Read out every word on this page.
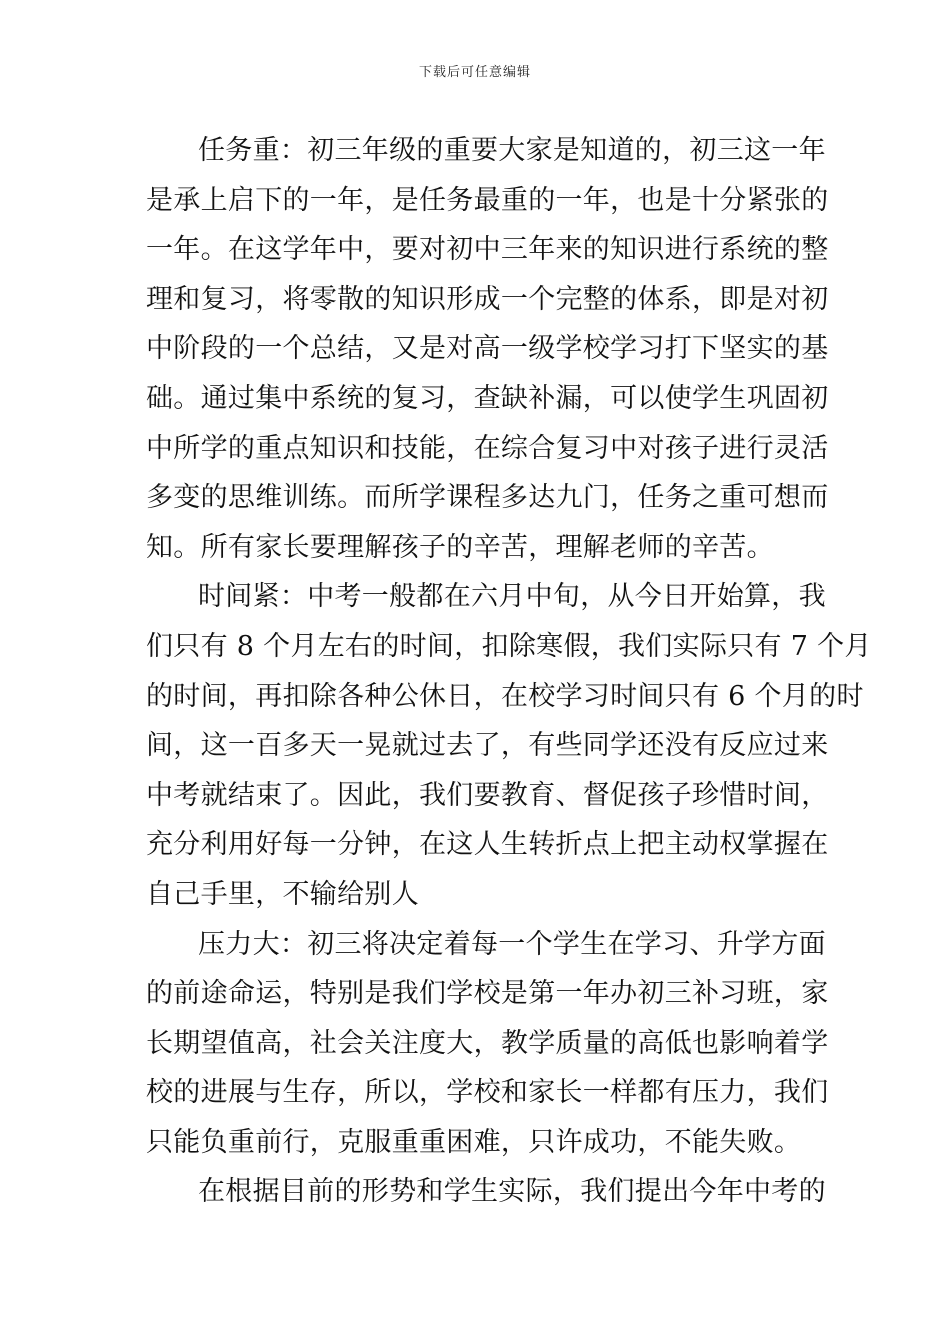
下载后可任意编辑
任务重：初三年级的重要大家是知道的，初三这一年
是承上启下的一年，是任务最重的一年，也是十分紧张的
一年。在这学年中，要对初中三年来的知识进行系统的整
理和复习，将零散的知识形成一个完整的体系，即是对初
中阶段的一个总结，又是对高一级学校学习打下坚实的基
础。通过集中系统的复习，查缺补漏，可以使学生巩固初
中所学的重点知识和技能，在综合复习中对孩子进行灵活
多变的思维训练。而所学课程多达九门，任务之重可想而
知。所有家长要理解孩子的辛苦，理解老师的辛苦。
时间紧：中考一般都在六月中旬，从今日开始算，我
们只有 8 个月左右的时间，扣除寒假，我们实际只有 7 个月
的时间，再扣除各种公休日，在校学习时间只有 6 个月的时
间，这一百多天一晃就过去了，有些同学还没有反应过来
中考就结束了。因此，我们要教育、督促孩子珍惜时间，
充分利用好每一分钟，在这人生转折点上把主动权掌握在
自己手里，不输给别人
压力大：初三将决定着每一个学生在学习、升学方面
的前途命运，特别是我们学校是第一年办初三补习班，家
长期望值高，社会关注度大，教学质量的高低也影响着学
校的进展与生存，所以，学校和家长一样都有压力，我们
只能负重前行，克服重重困难，只许成功，不能失败。
在根据目前的形势和学生实际，我们提出今年中考的
